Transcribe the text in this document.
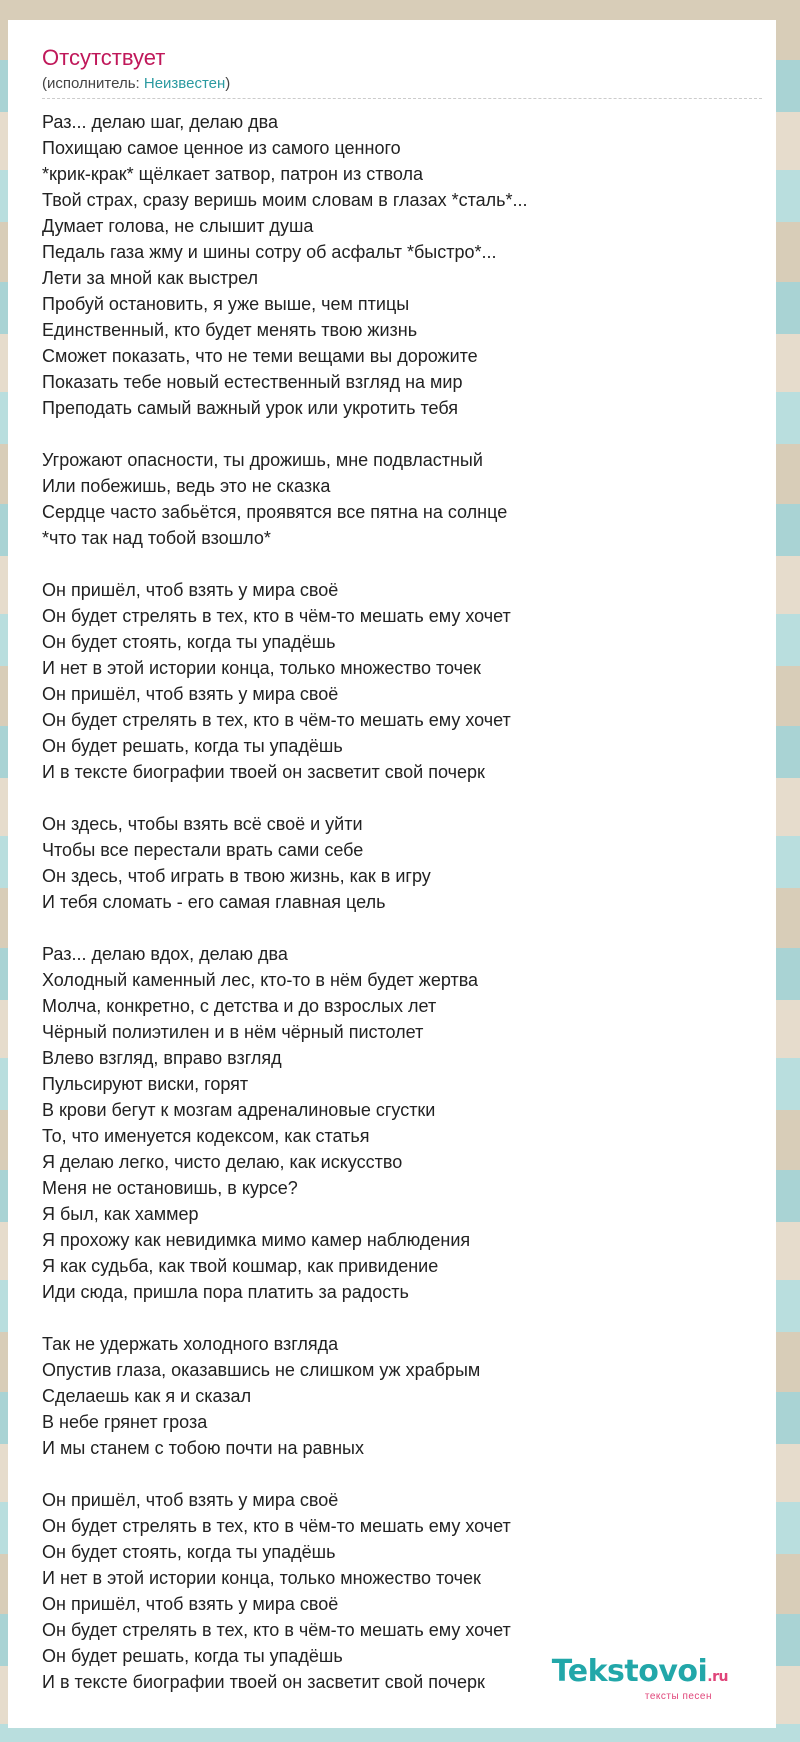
Отсутствует
(исполнитель: Неизвестен)
Раз... делаю шаг, делаю два
Похищаю самое ценное из самого ценного
*крик-крак* щёлкает затвор, патрон из ствола
Твой страх, сразу веришь моим словам в глазах *сталь*...
Думает голова, не слышит душа
Педаль газа жму и шины сотру об асфальт *быстро*...
Лети за мной как выстрел
Пробуй остановить, я уже выше, чем птицы
Единственный, кто будет менять твою жизнь
Сможет показать, что не теми вещами вы дорожите
Показать тебе новый естественный взгляд на мир
Преподать самый важный урок или укротить тебя
Угрожают опасности, ты дрожишь, мне подвластный
Или побежишь, ведь это не сказка
Сердце часто забьётся, проявятся все пятна на солнце
*что так над тобой взошло*
Он пришёл, чтоб взять у мира своё
Он будет стрелять в тех, кто в чём-то мешать ему хочет
Он будет стоять, когда ты упадёшь
И нет в этой истории конца, только множество точек
Он пришёл, чтоб взять у мира своё
Он будет стрелять в тех, кто в чём-то мешать ему хочет
Он будет решать, когда ты упадёшь
И в тексте биографии твоей он засветит свой почерк
Он здесь, чтобы взять всё своё и уйти
Чтобы все перестали врать сами себе
Он здесь, чтоб играть в твою жизнь, как в игру
И тебя сломать - его самая главная цель
Раз... делаю вдох, делаю два
Холодный каменный лес, кто-то в нём будет жертва
Молча, конкретно, с детства и до взрослых лет
Чёрный полиэтилен и в нём чёрный пистолет
Влево взгляд, вправо взгляд
Пульсируют виски, горят
В крови бегут к мозгам адреналиновые сгустки
То, что именуется кодексом, как статья
Я делаю легко, чисто делаю, как искусство
Меня не остановишь, в курсе?
Я был, как хаммер
Я прохожу как невидимка мимо камер наблюдения
Я как судьба, как твой кошмар, как привидение
Иди сюда, пришла пора платить за радость
Так не удержать холодного взгляда
Опустив глаза, оказавшись не слишком уж храбрым
Сделаешь как я и сказал
В небе грянет гроза
И мы станем с тобою почти на равных
Он пришёл, чтоб взять у мира своё
Он будет стрелять в тех, кто в чём-то мешать ему хочет
Он будет стоять, когда ты упадёшь
И нет в этой истории конца, только множество точек
Он пришёл, чтоб взять у мира своё
Он будет стрелять в тех, кто в чём-то мешать ему хочет
Он будет решать, когда ты упадёшь
И в тексте биографии твоей он засветит свой почерк	Tekstovoi.ru
тексты песен
